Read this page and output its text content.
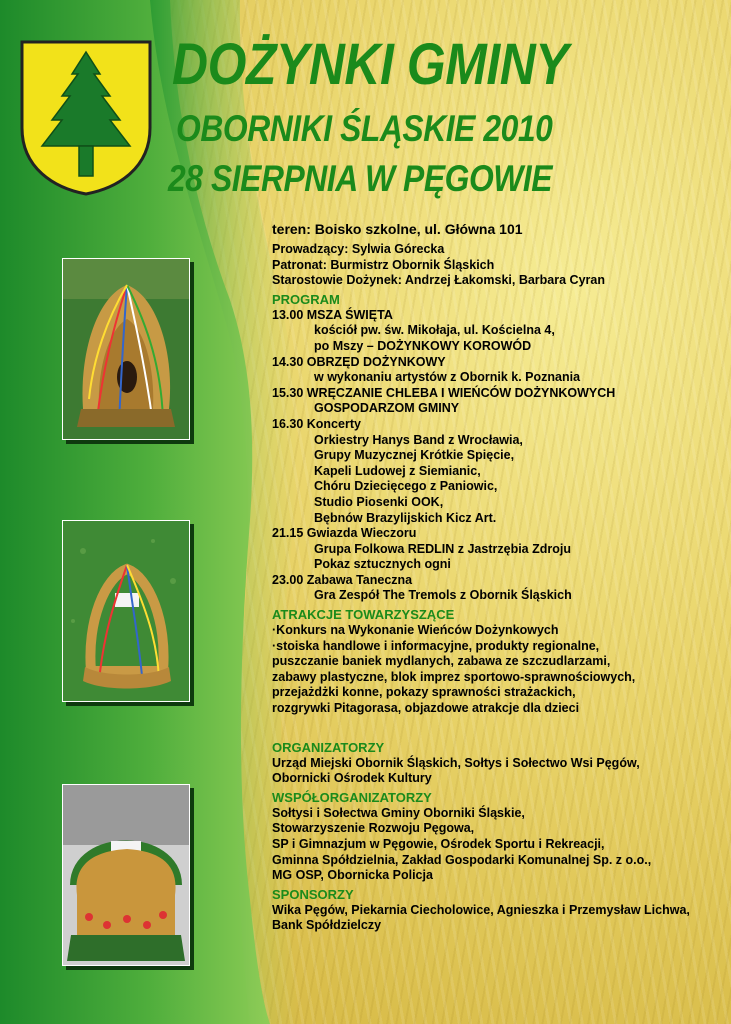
DOŻYNKI GMINY
OBORNIKI ŚLĄSKIE 2010
28 SIERPNIA W PĘGOWIE
teren: Boisko szkolne, ul. Główna 101
Prowadzący: Sylwia Górecka
Patronat: Burmistrz Obornik Śląskich
Starostowie Dożynek: Andrzej Łakomski, Barbara Cyran
PROGRAM
13.00 MSZA ŚWIĘTA
kościół pw. św. Mikołaja, ul. Kościelna 4,
po Mszy – DOŻYNKOWY KOROWÓD
14.30 OBRZĘD DOŻYNKOWY
w wykonaniu artystów z Obornik k. Poznania
15.30 WRĘCZANIE CHLEBA I WIEŃCÓW DOŻYNKOWYCH
GOSPODARZOM GMINY
16.30 Koncerty
Orkiestry Hanys Band z Wrocławia,
Grupy Muzycznej Krótkie Spięcie,
Kapeli Ludowej z Siemianic,
Chóru Dziecięcego z Paniowic,
Studio Piosenki OOK,
Bębnów Brazylijskich Kicz Art.
21.15 Gwiazda Wieczoru
Grupa Folkowa REDLIN z Jastrzębia Zdroju
Pokaz sztucznych ogni
23.00 Zabawa Taneczna
Gra Zespół The Tremols z Obornik Śląskich
ATRAKCJE TOWARZYSZĄCE
·Konkurs na Wykonanie Wieńców Dożynkowych
·stoiska handlowe i informacyjne, produkty regionalne,
puszczanie baniek mydlanych, zabawa ze szczudlarzami,
zabawy plastyczne, blok imprez sportowo-sprawnościowych,
przejażdżki konne, pokazy sprawności strażackich,
rozgrywki Pitagorasa, objazdowe atrakcje dla dzieci
ORGANIZATORZY
Urząd Miejski Obornik Śląskich, Sołtys i Sołectwo Wsi Pęgów,
Obornicki Ośrodek Kultury
WSPÓŁORGANIZATORZY
Sołtysi i Sołectwa Gminy Oborniki Śląskie,
Stowarzyszenie Rozwoju Pęgowa,
SP i Gimnazjum w Pęgowie, Ośrodek Sportu i Rekreacji,
Gminna Spółdzielnia, Zakład Gospodarki Komunalnej Sp. z o.o.,
MG OSP, Obornicka Policja
SPONSORZY
Wika Pęgów, Piekarnia Ciecholowice, Agnieszka i Przemysław Lichwa,
Bank Spółdzielczy
